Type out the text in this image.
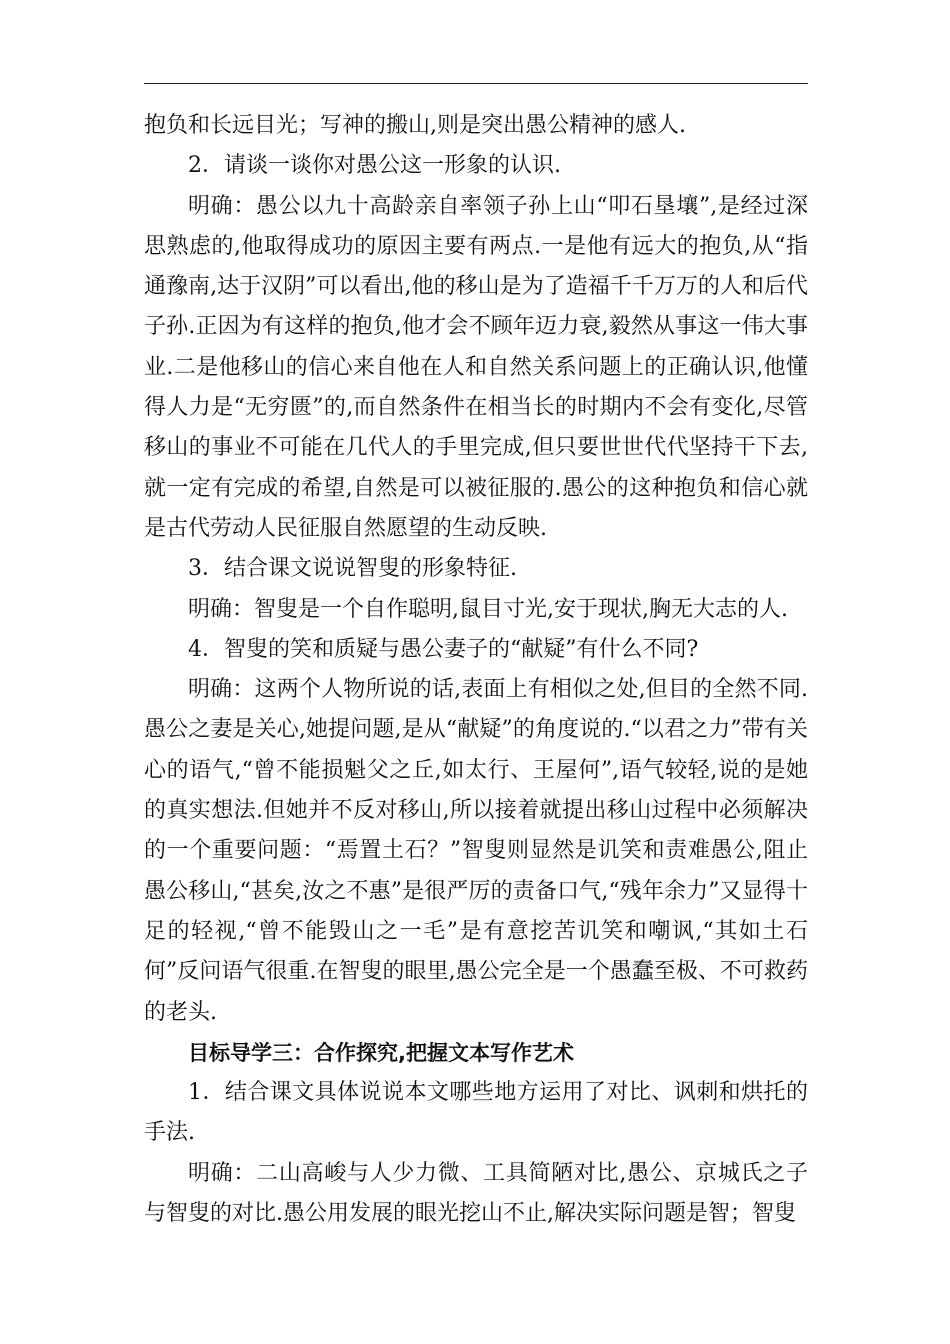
抱负和长远目光；写神的搬山,则是突出愚公精神的感人.

2．请谈一谈你对愚公这一形象的认识.

明确：愚公以九十高龄亲自率领子孙上山“叩石垦壤”,是经过深思熟虑的,他取得成功的原因主要有两点.一是他有远大的抱负,从“指通豫南,达于汉阴”可以看出,他的移山是为了造福千千万万的人和后代子孙.正因为有这样的抱负,他才会不顾年迈力衰,毅然从事这一伟大事业.二是他移山的信心来自他在人和自然关系问题上的正确认识,他懂得人力是“无穷匮”的,而自然条件在相当长的时期内不会有变化,尽管移山的事业不可能在几代人的手里完成,但只要世世代代坚持干下去,就一定有完成的希望,自然是可以被征服的.愚公的这种抱负和信心就是古代劳动人民征服自然愿望的生动反映.

3．结合课文说说智叟的形象特征.

明确：智叟是一个自作聪明,鼠目寸光,安于现状,胸无大志的人.

4．智叟的笑和质疑与愚公妻子的“献疑”有什么不同?

明确：这两个人物所说的话,表面上有相似之处,但目的全然不同.愚公之妻是关心,她提问题,是从“献疑”的角度说的.“以君之力”带有关心的语气,“曾不能损魁父之丘,如太行、王屋何”,语气较轻,说的是她的真实想法.但她并不反对移山,所以接着就提出移山过程中必须解决的一个重要问题：“焉置土石？”智叟则显然是讥笑和责难愚公,阻止愚公移山,“甚矣,汝之不惠”是很严厉的责备口气,“残年余力”又显得十足的轻视,“曾不能毁山之一毛”是有意挖苦讥笑和嘲讽,“其如土石何”反问语气很重.在智叟的眼里,愚公完全是一个愚蠢至极、不可救药的老头.

目标导学三：合作探究,把握文本写作艺术

1．结合课文具体说说本文哪些地方运用了对比、讽刺和烘托的手法.

明确：二山高峻与人少力微、工具简陋对比,愚公、京城氏之子与智叟的对比.愚公用发展的眼光挖山不止,解决实际问题是智；智叟
